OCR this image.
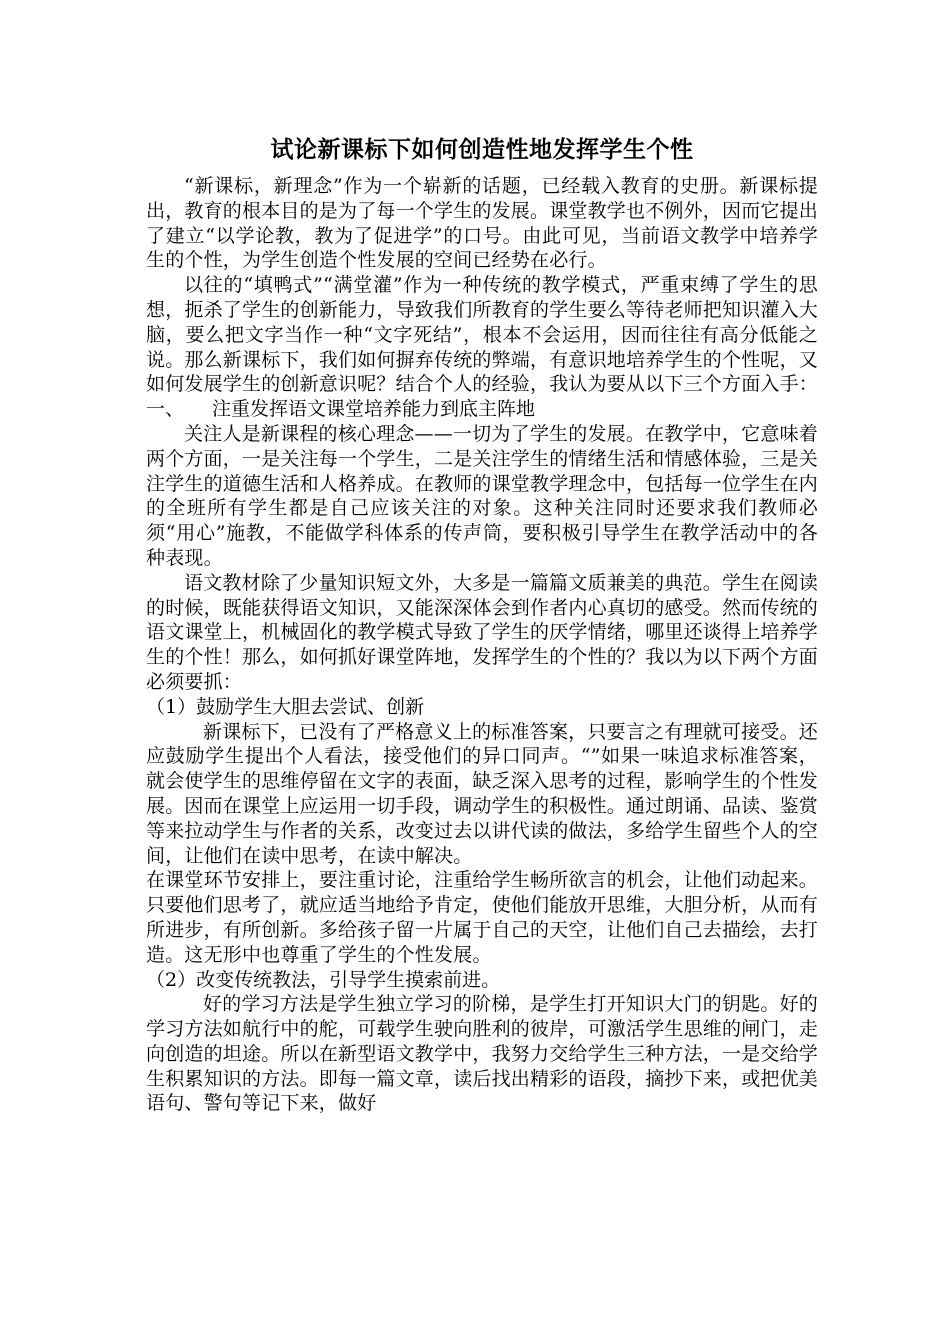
试论新课标下如何创造性地发挥学生个性

“新课标，新理念”作为一个崭新的话题，已经载入教育的史册。新课标提出，教育的根本目的是为了每一个学生的发展。课堂教学也不例外，因而它提出了建立“以学论教，教为了促进学”的口号。由此可见，当前语文教学中培养学生的个性，为学生创造个性发展的空间已经势在必行。

以往的“填鸭式”“满堂灌”作为一种传统的教学模式，严重束缚了学生的思想，扼杀了学生的创新能力，导致我们所教育的学生要么等待老师把知识灌入大脑，要么把文字当作一种“文字死结”，根本不会运用，因而往往有高分低能之说。那么新课标下，我们如何摒弃传统的弊端，有意识地培养学生的个性呢，又如何发展学生的创新意识呢？结合个人的经验，我认为要从以下三个方面入手：

一、 注重发挥语文课堂培养能力到底主阵地

关注人是新课程的核心理念——一切为了学生的发展。在教学中，它意味着两个方面，一是关注每一个学生，二是关注学生的情绪生活和情感体验，三是关注学生的道德生活和人格养成。在教师的课堂教学理念中，包括每一位学生在内的全班所有学生都是自己应该关注的对象。这种关注同时还要求我们教师必须“用心”施教，不能做学科体系的传声筒，要积极引导学生在教学活动中的各种表现。

语文教材除了少量知识短文外，大多是一篇篇文质兼美的典范。学生在阅读的时候，既能获得语文知识，又能深深体会到作者内心真切的感受。然而传统的语文课堂上，机械固化的教学模式导致了学生的厌学情绪，哪里还谈得上培养学生的个性！那么，如何抓好课堂阵地，发挥学生的个性的？我以为以下两个方面必须要抓：

（1）鼓励学生大胆去尝试、创新

新课标下，已没有了严格意义上的标准答案，只要言之有理就可接受。还应鼓励学生提出个人看法，接受他们的异口同声。“”如果一味追求标准答案，就会使学生的思维停留在文字的表面，缺乏深入思考的过程，影响学生的个性发展。因而在课堂上应运用一切手段，调动学生的积极性。通过朗诵、品读、鉴赏等来拉动学生与作者的关系，改变过去以讲代读的做法，多给学生留些个人的空间，让他们在读中思考，在读中解决。

在课堂环节安排上，要注重讨论，注重给学生畅所欲言的机会，让他们动起来。只要他们思考了，就应适当地给予肯定，使他们能放开思维，大胆分析，从而有所进步，有所创新。多给孩子留一片属于自己的天空，让他们自己去描绘，去打造。这无形中也尊重了学生的个性发展。

（2）改变传统教法，引导学生摸索前进。

好的学习方法是学生独立学习的阶梯，是学生打开知识大门的钥匙。好的学习方法如航行中的舵，可载学生驶向胜利的彼岸，可激活学生思维的闸门，走向创造的坦途。所以在新型语文教学中，我努力交给学生三种方法，一是交给学生积累知识的方法。即每一篇文章，读后找出精彩的语段，摘抄下来，或把优美语句、警句等记下来，做好
